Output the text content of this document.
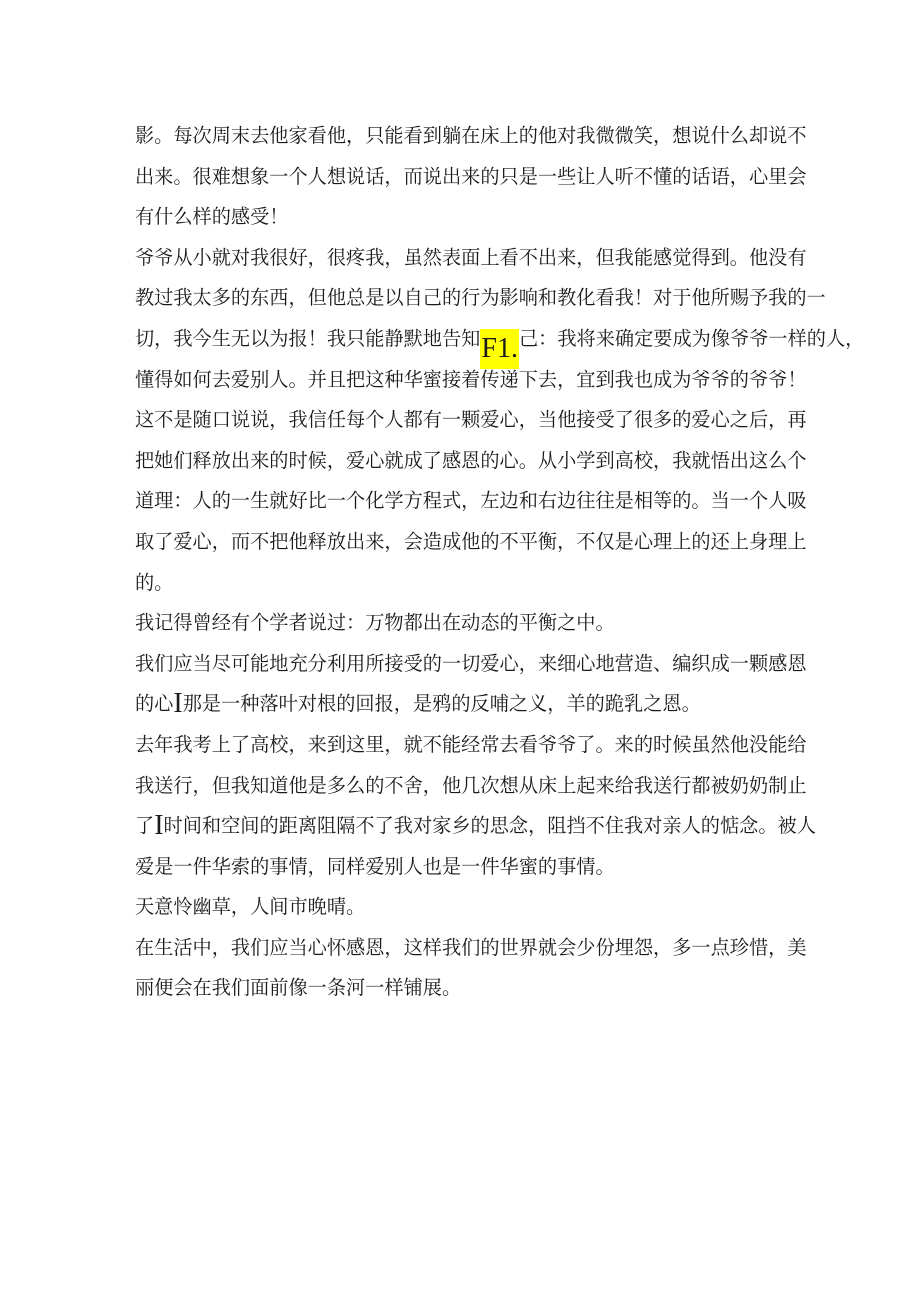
影。每次周末去他家看他，只能看到躺在床上的他对我微微笑，想说什么却说不
出来。很难想象一个人想说话，而说出来的只是一些让人听不懂的话语，心里会
有什么样的感受！
爷爷从小就对我很好，很疼我，虽然表面上看不出来，但我能感觉得到。他没有
教过我太多的东西，但他总是以自己的行为影响和教化看我！对于他所赐予我的一
切，我今生无以为报！我只能静默地告知F1.己：我将来确定要成为像爷爷一样的人，
懂得如何去爱别人。并且把这种华蜜接着传递下去，宜到我也成为爷爷的爷爷！
这不是随口说说，我信任每个人都有一颗爱心，当他接受了很多的爱心之后，再
把她们释放出来的时候，爱心就成了感恩的心。从小学到高校，我就悟出这么个
道理：人的一生就好比一个化学方程式，左边和右边往往是相等的。当一个人吸
取了爱心，而不把他释放出来，会造成他的不平衡，不仅是心理上的还上身理上
的。
我记得曾经有个学者说过：万物都出在动态的平衡之中。
我们应当尽可能地充分利用所接受的一切爱心，来细心地营造、编织成一颗感恩
的心I那是一种落叶对根的回报，是鸦的反哺之义，羊的跪乳之恩。
去年我考上了高校，来到这里，就不能经常去看爷爷了。来的时候虽然他没能给
我送行，但我知道他是多么的不舍，他几次想从床上起来给我送行都被奶奶制止
了I时间和空间的距离阻隔不了我对家乡的思念，阻挡不住我对亲人的惦念。被人
爱是一件华索的事情，同样爱别人也是一件华蜜的事情。
天意怜幽草，人间市晚晴。
在生活中，我们应当心怀感恩，这样我们的世界就会少份埋怨，多一点珍惜，美
丽便会在我们面前像一条河一样铺展。
